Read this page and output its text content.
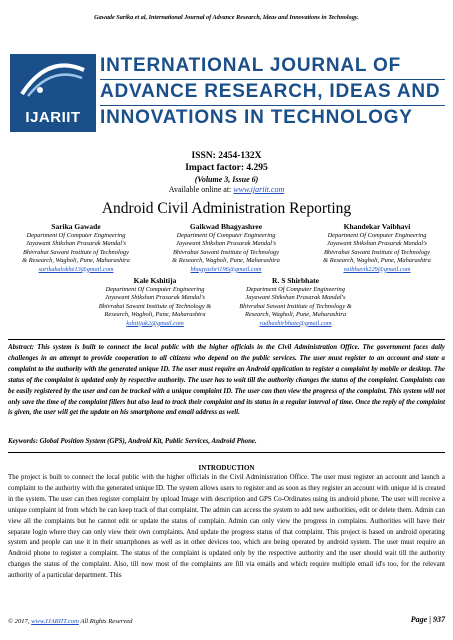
Gawade Sarika et al, International Journal of Advance Research, Ideas and Innovations in Technology.
IJARIIT
INTERNATIONAL JOURNAL OF
ADVANCE RESEARCH, IDEAS AND
INNOVATIONS IN TECHNOLOGY
ISSN: 2454-132X
Impact factor: 4.295
(Volume 3, Issue 6)
Available online at: www.ijariit.com
Android Civil Administration Reporting
Sarika Gawade
Department Of Computer Engineering
Jayawant Shikshan Prasarak Mandal's
Bhivrabai Sawant Institute of Technology
& Research, Wagholi, Pune, Maharashtra
sarikakalokhe13@gmail.com
Gaikwad Bhagyashree
Department Of Computer Engineering
Jayawant Shikshan Prasarak Mandal's
Bhivrabai Sawant Institute of Technology
& Research, Wagholi, Pune, Maharashtra
bhagyashri196@gmail.com
Khandekar Vaibhavi
Department Of Computer Engineering
Jayawant Shikshan Prasarak Mandal's
Bhivrabai Sawant Institute of Technology
& Research, Wagholi, Pune, Maharashtra
vaibhavik229@gmail.com
Kale Kshitija
Department Of Computer Engineering
Jayawant Shikshan Prasarak Mandal's
Bhivrabai Sawant Institute of Technology &
Research, Wagholi, Pune, Maharashtra
kshitijak2@gmail.com
R. S Shirbhate
Department Of Computer Engineering
Jayawant Shikshan Prasarak Mandal's
Bhivrabai Sawant Institute of Technology &
Research, Wagholi, Pune, Maharashtra
radhashirbhate@gmail.com
Abstract: This system is built to connect the local public with the higher officials in the Civil Administration Office. The government faces daily challenges in an attempt to provide cooperation to all citizens who depend on the public services. The user must register to an account and state a complaint to the authority with the generated unique ID. The user must require an Android application to register a complaint by mobile or desktop. The status of the complaint is updated only by respective authority. The user has to wait till the authority changes the status of the complaint. Complaints can be easily registered by the user and can be tracked with a unique complaint ID. The user can then view the progress of the complaint. This system will not only save the time of the complaint fillers but also lead to track their complaint and its status in a regular interval of time. Once the reply of the complaint is given, the user will get the update on his smartphone and email address as well.
Keywords: Global Position System (GPS), Android Kit, Public Services, Android Phone.
INTRODUCTION
The project is built to connect the local public with the higher officials in the Civil Administration Office. The user must register an account and launch a complaint to the authority with the generated unique ID. The system allows users to register and as soon as they register an account with unique id is created in the system. The user can then register complaint by upload Image with description and GPS Co-Ordinates using its android phone. The user will receive a unique complaint id from which he can keep track of that complaint. The admin can access the system to add new authorities, edit or delete them. Admin can view all the complaints but he cannot edit or update the status of complain. Admin can only view the progress in complains. Authorities will have their separate login where they can only view their own complaints. And update the progress status of that complaint. This project is based on android operating system and people can use it in their smartphones as well as in other devices too, which are being operated by android system. The user must require an Android phone to register a complaint. The status of the complaint is updated only by the respective authority and the user should wait till the authority changes the status of the complaint. Also, till now most of the complaints are fill via emails and which require multiple email id's too, for the relevant authority of a particular department. This
© 2017, www.IJARIIT.com All Rights Reserved	Page | 937
